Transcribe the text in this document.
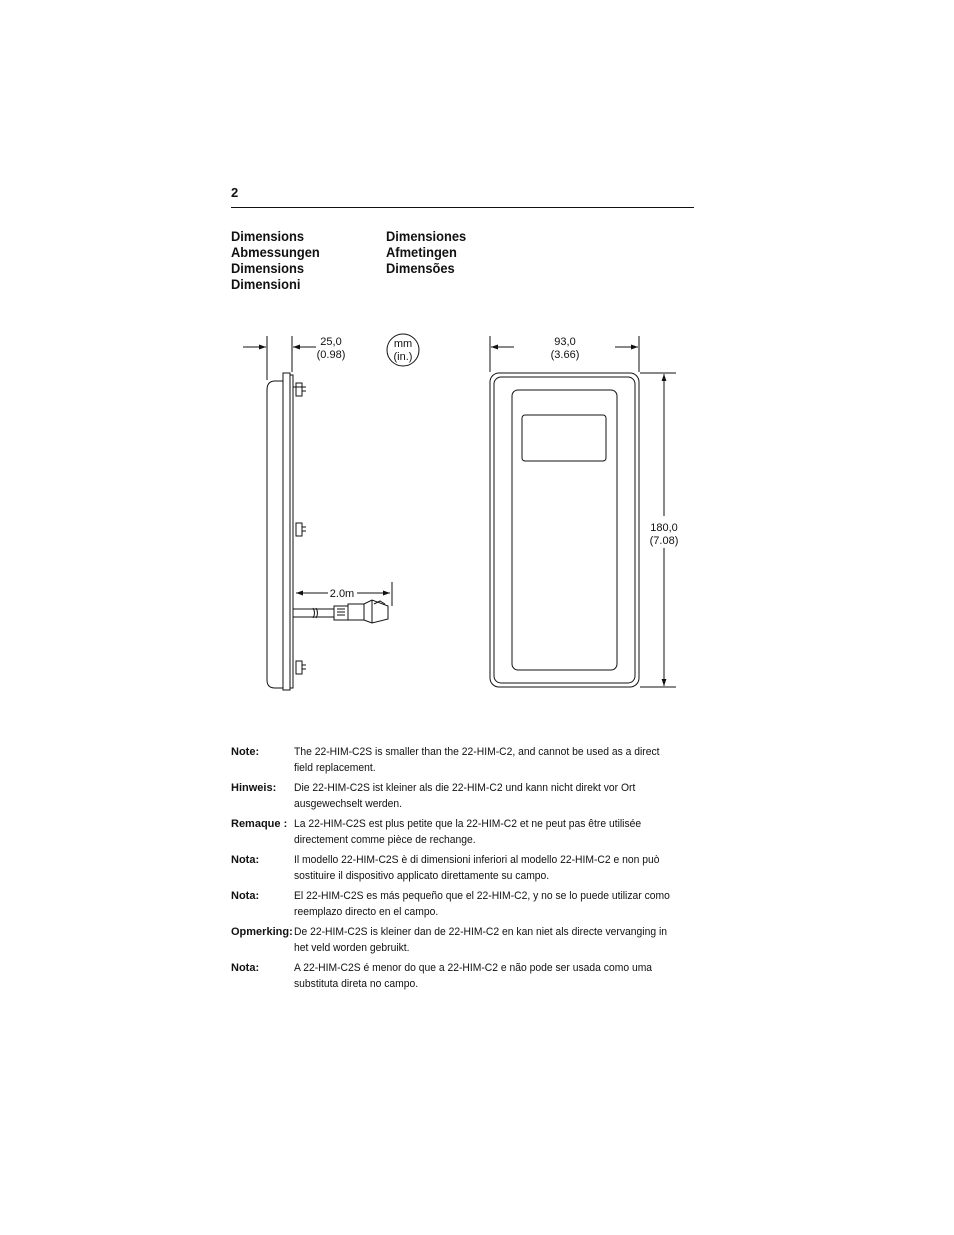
2
Dimensions
Abmessungen
Dimensions
Dimensioni
Dimensiones
Afmetingen
Dimensões
2.0m
25,0
(0.98)
mm
(in.)
93,0
(3.66)
180,0
(7.08)
Note:	The 22-HIM-C2S is smaller than the 22-HIM-C2, and cannot be used as a direct field replacement.
Hinweis: Die 22-HIM-C2S ist kleiner als die 22-HIM-C2 und kann nicht direkt vor Ort ausgewechselt werden.
Remaque : La 22-HIM-C2S est plus petite que la 22-HIM-C2 et ne peut pas être utilisée directement comme pièce de rechange.
Nota:	Il modello 22-HIM-C2S è di dimensioni inferiori al modello 22-HIM-C2 e non può sostituire il dispositivo applicato direttamente su campo.
Nota:	El 22-HIM-C2S es más pequeño que el 22-HIM-C2, y no se lo puede utilizar como reemplazo directo en el campo.
Opmerking: De 22-HIM-C2S is kleiner dan de 22-HIM-C2 en kan niet als directe vervanging in het veld worden gebruikt.
Nota:	A 22-HIM-C2S é menor do que a 22-HIM-C2 e não pode ser usada como uma substituta direta no campo.
